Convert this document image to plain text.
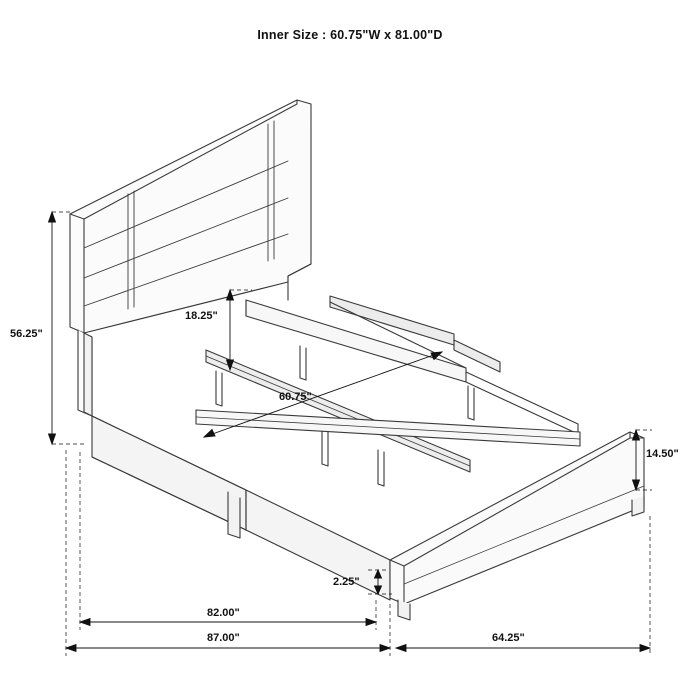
Inner Size : 60.75"W x 81.00"D
56.25"
18.25"
60.75"
14.50"
2.25"
82.00"
87.00"	64.25"
